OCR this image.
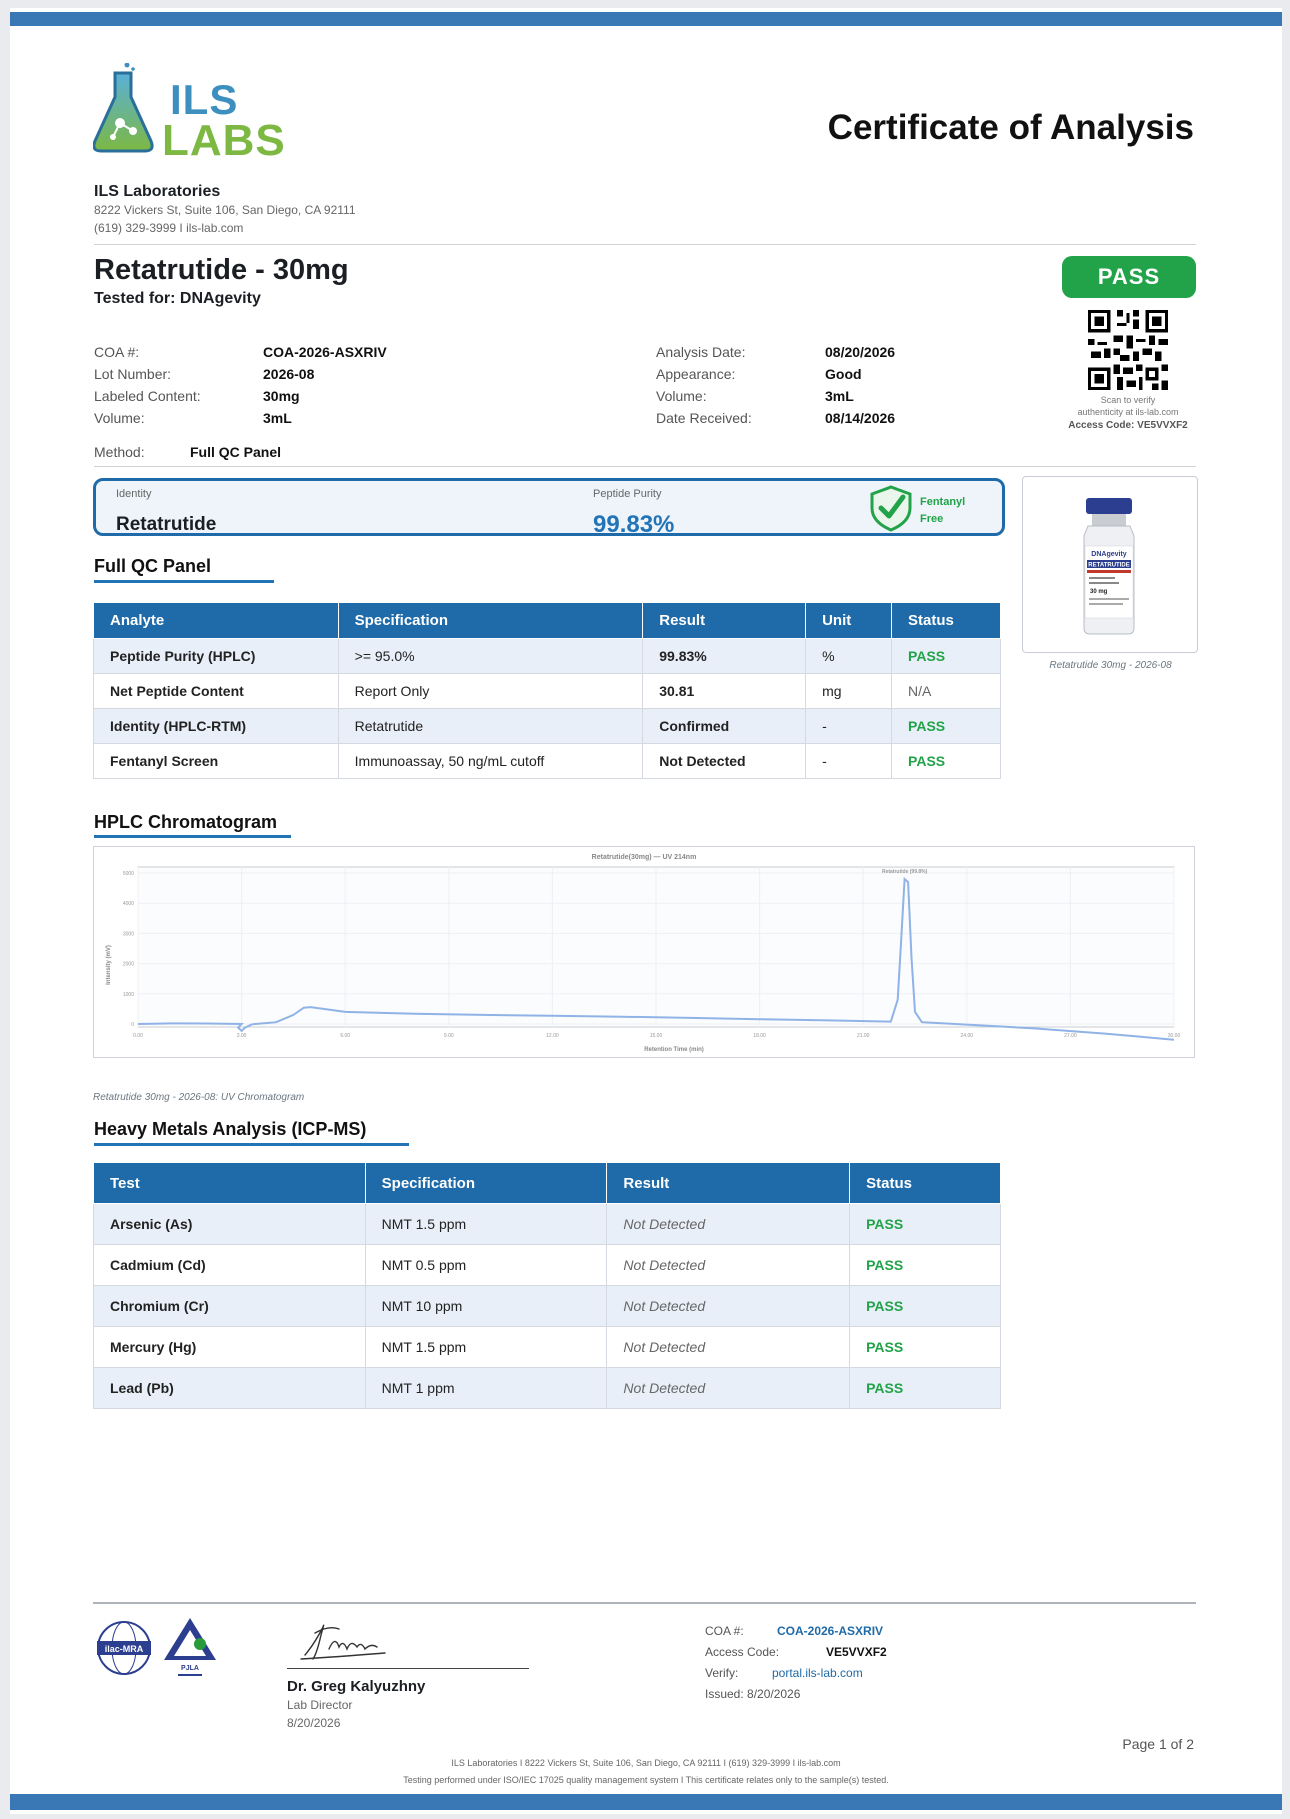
ILS
LABS	Certificate of Analysis
ILS Laboratories
8222 Vickers St, Suite 106, San Diego, CA 92111
(619) 329-3999 I ils-lab.com
Retatrutide - 30mg
Tested for: DNAgevity
PASS
Scan to verify
authenticity at ils-lab.com
Access Code: VE5VVXF2
COA #:	COA-2026-ASXRIV
Lot Number:	2026-08
Labeled Content:	30mg
Volume:	3mL
Analysis Date:	08/20/2026
Appearance:	Good
Volume:	3mL
Date Received:	08/14/2026
Method:	Full QC Panel
Identity
Retatrutide
Peptide Purity
99.83%
Fentanyl
Free
DNAgevity
RETATRUTIDE
30 mg
Retatrutide 30mg - 2026-08
Full QC Panel
Analyte	Specification	Result	Unit	Status
Peptide Purity (HPLC)	>= 95.0%	99.83%	%	PASS
Net Peptide Content	Report Only	30.81	mg	N/A
Identity (HPLC-RTM)	Retatrutide	Confirmed	-	PASS
Fentanyl Screen	Immunoassay, 50 ng/mL cutoff	Not Detected	-	PASS
HPLC Chromatogram
Retatrutide(30mg) — UV 214nm
Retention Time (min)
Intensity (mV)
0.00	3.00	6.00	9.00	12.00	15.00	18.00	21.00	24.00	27.00	30.00
0
1000
2000
3000
4000
5000	Retatrutide (99.8%)
Retatrutide 30mg - 2026-08: UV Chromatogram
Heavy Metals Analysis (ICP-MS)
Test	Specification	Result	Status
Arsenic (As)	NMT 1.5 ppm	Not Detected	PASS
Cadmium (Cd)	NMT 0.5 ppm	Not Detected	PASS
Chromium (Cr)	NMT 10 ppm	Not Detected	PASS
Mercury (Hg)	NMT 1.5 ppm	Not Detected	PASS
Lead (Pb)	NMT 1 ppm	Not Detected	PASS
ilac-MRA
PJLA
Dr. Greg Kalyuzhny
Lab Director
8/20/2026
COA #:	COA-2026-ASXRIV
Access Code:	VE5VVXF2
Verify:	portal.ils-lab.com
Issued: 8/20/2026
Page 1 of 2
ILS Laboratories I 8222 Vickers St, Suite 106, San Diego, CA 92111 I (619) 329-3999 I ils-lab.com
Testing performed under ISO/IEC 17025 quality management system I This certificate relates only to the sample(s) tested.
